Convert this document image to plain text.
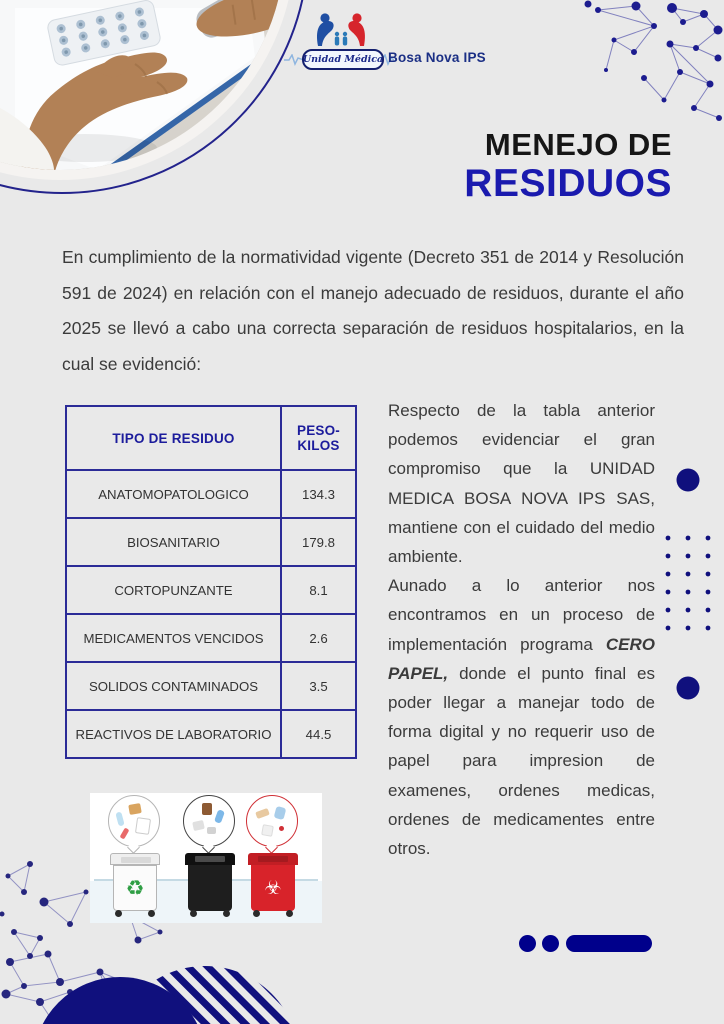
Unidad Médica Bosa Nova IPS
MENEJO DE
RESIDUOS

En cumplimiento de la normatividad vigente (Decreto 351 de 2014 y Resolución 591 de 2024) en relación con el manejo adecuado de residuos, durante el año 2025 se llevó a cabo una correcta separación de residuos hospitalarios, en la cual se evidenció:

TIPO DE RESIDUO	PESO-KILOS
ANATOMOPATOLOGICO	134.3
BIOSANITARIO	179.8
CORTOPUNZANTE	8.1
MEDICAMENTOS VENCIDOS	2.6
SOLIDOS CONTAMINADOS	3.5
REACTIVOS DE LABORATORIO	44.5

Respecto de la tabla anterior podemos evidenciar el gran compromiso que la UNIDAD MEDICA BOSA NOVA IPS SAS, mantiene con el cuidado del medio ambiente.

Aunado a lo anterior nos encontramos en un proceso de implementación programa CERO PAPEL, donde el punto final es poder llegar a manejar todo de forma digital y no requerir uso de papel para impresion de examenes, ordenes medicas, ordenes de medicamentes entre otros.

♻	☣
